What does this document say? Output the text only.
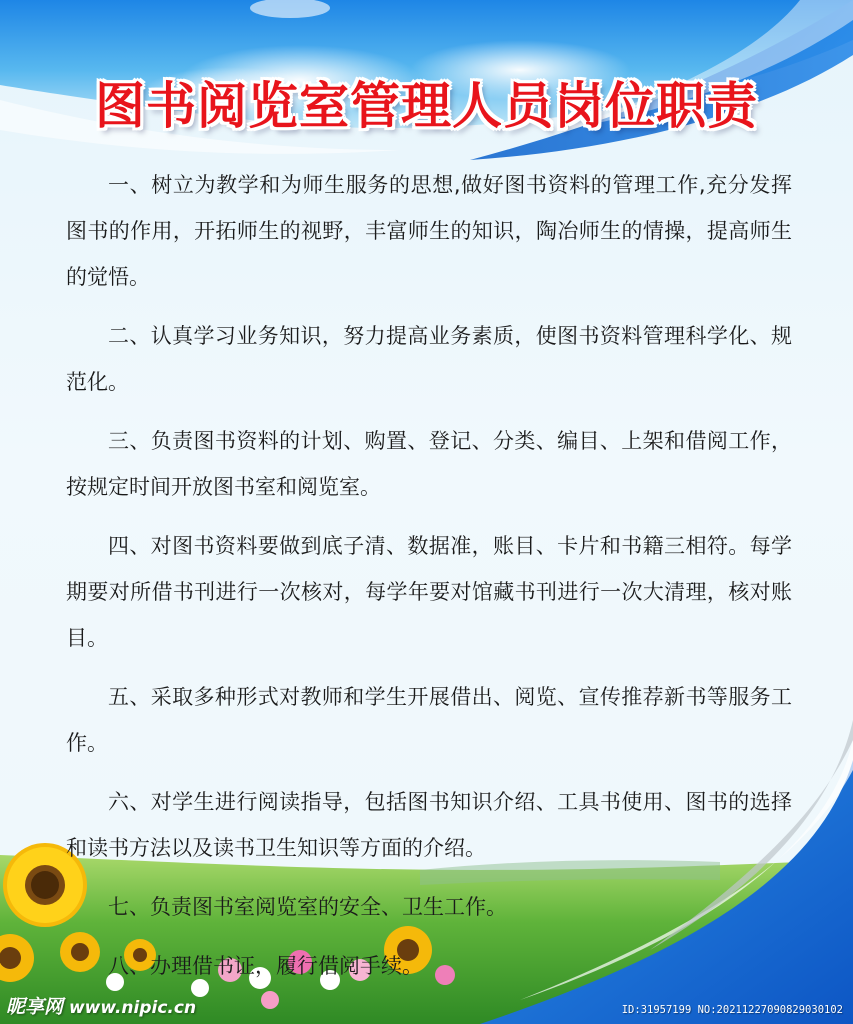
图书阅览室管理人员岗位职责

一、树立为教学和为师生服务的思想,做好图书资料的管理工作,充分发挥图书的作用，开拓师生的视野，丰富师生的知识，陶冶师生的情操，提高师生的觉悟。

二、认真学习业务知识，努力提高业务素质，使图书资料管理科学化、规范化。

三、负责图书资料的计划、购置、登记、分类、编目、上架和借阅工作，按规定时间开放图书室和阅览室。

四、对图书资料要做到底子清、数据准，账目、卡片和书籍三相符。每学期要对所借书刊进行一次核对，每学年要对馆藏书刊进行一次大清理，核对账目。

五、采取多种形式对教师和学生开展借出、阅览、宣传推荐新书等服务工作。

六、对学生进行阅读指导，包括图书知识介绍、工具书使用、图书的选择和读书方法以及读书卫生知识等方面的介绍。

七、负责图书室阅览室的安全、卫生工作。

八、办理借书证，履行借阅手续。

昵享网 www.nipic.cn	ID:31957199 NO:20211227090829030102
